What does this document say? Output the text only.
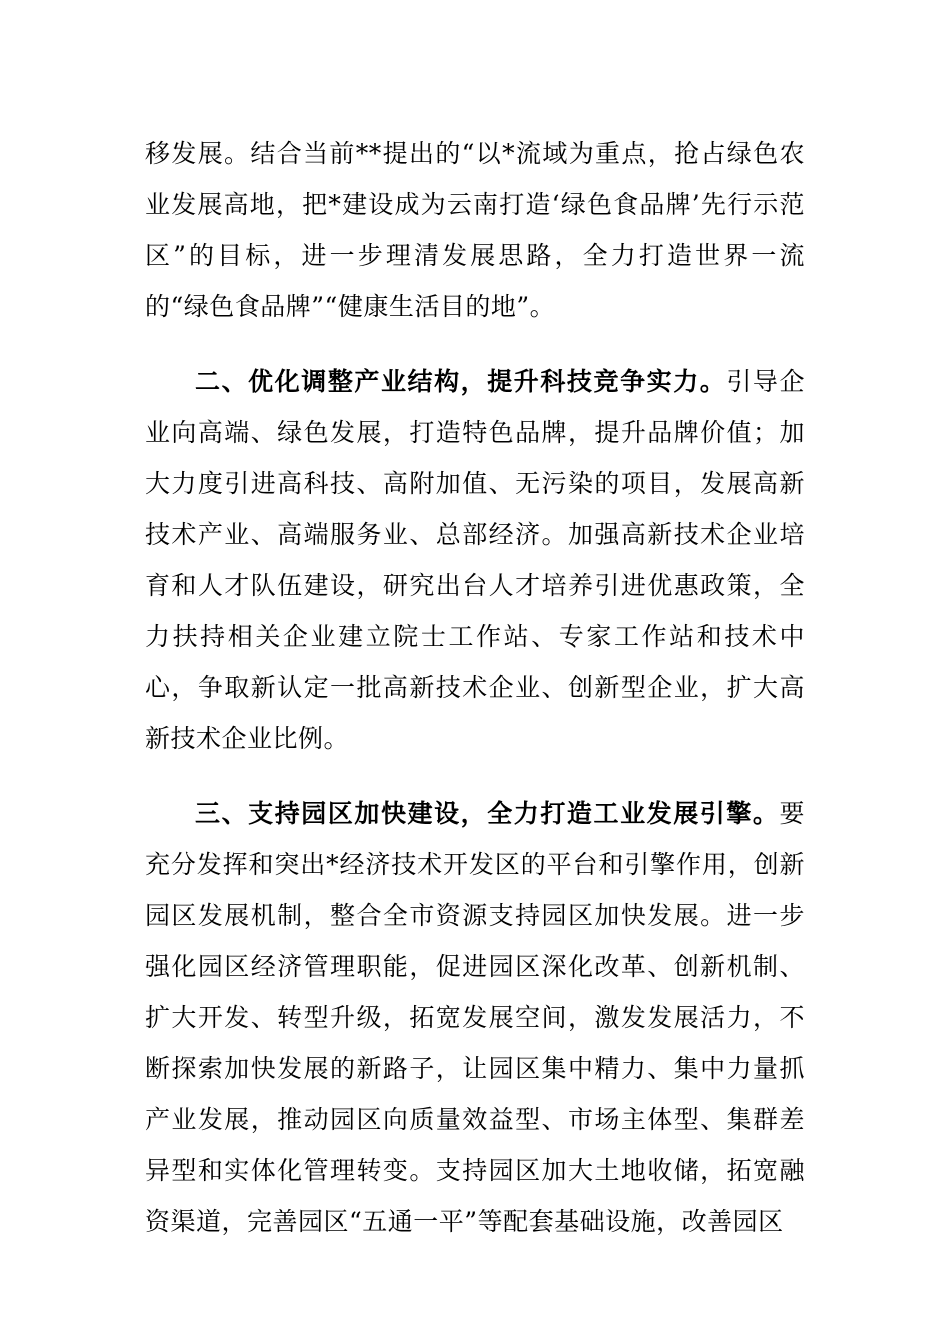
移发展。结合当前**提出的“以*流域为重点，抢占绿色农业发展高地，把*建设成为云南打造‘绿色食品牌’先行示范区”的目标，进一步理清发展思路，全力打造世界一流的“绿色食品牌”“健康生活目的地”。

二、优化调整产业结构，提升科技竞争实力。引导企业向高端、绿色发展，打造特色品牌，提升品牌价值；加大力度引进高科技、高附加值、无污染的项目，发展高新技术产业、高端服务业、总部经济。加强高新技术企业培育和人才队伍建设，研究出台人才培养引进优惠政策，全力扶持相关企业建立院士工作站、专家工作站和技术中心，争取新认定一批高新技术企业、创新型企业，扩大高新技术企业比例。

三、支持园区加快建设，全力打造工业发展引擎。要充分发挥和突出*经济技术开发区的平台和引擎作用，创新园区发展机制，整合全市资源支持园区加快发展。进一步强化园区经济管理职能，促进园区深化改革、创新机制、扩大开发、转型升级，拓宽发展空间，激发发展活力，不断探索加快发展的新路子，让园区集中精力、集中力量抓产业发展，推动园区向质量效益型、市场主体型、集群差异型和实体化管理转变。支持园区加大土地收储，拓宽融资渠道，完善园区“五通一平”等配套基础设施，改善园区
